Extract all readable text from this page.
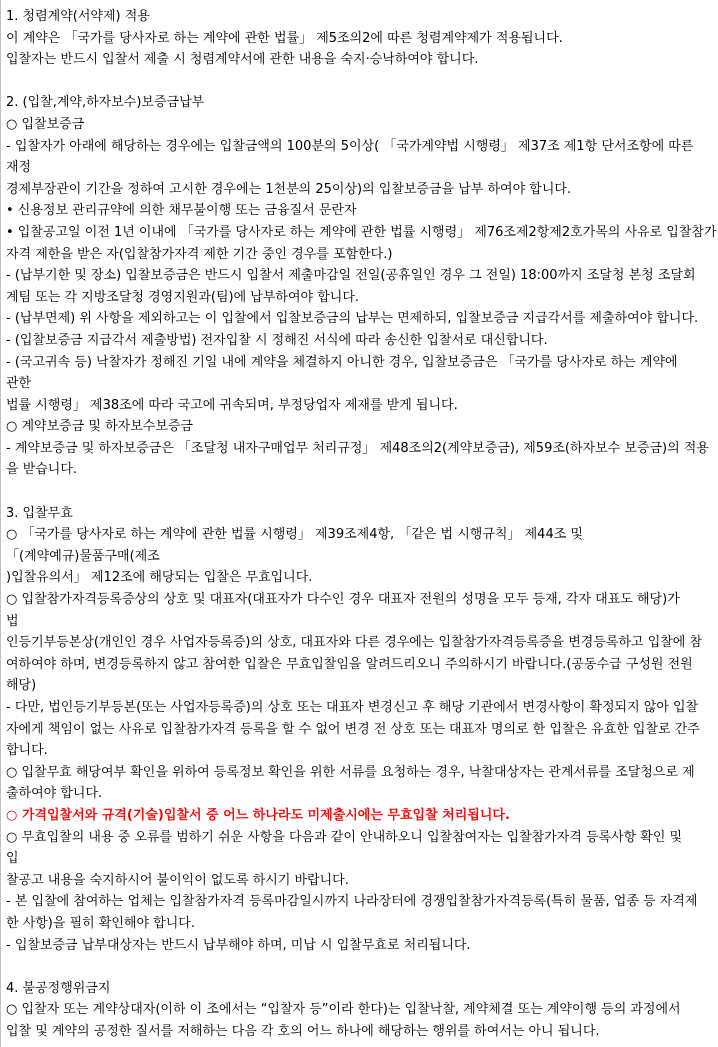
1. 청렴계약(서약제) 적용
이 계약은 「국가를 당사자로 하는 계약에 관한 법률」 제5조의2에 따른 청렴계약제가 적용됩니다.
입찰자는 반드시 입찰서 제출 시 청렴계약서에 관한 내용을 숙지·승낙하여야 합니다.
2. (입찰,계약,하자보수)보증금납부
○ 입찰보증금
- 입찰자가 아래에 해당하는 경우에는 입찰금액의 100분의 5이상( 「국가계약법 시행령」 제37조 제1항 단서조항에 따른
재정
경제부장관이 기간을 정하여 고시한 경우에는 1천분의 25이상)의 입찰보증금을 납부 하여야 합니다.
• 신용정보 관리규약에 의한 채무불이행 또는 금융질서 문란자
• 입찰공고일 이전 1년 이내에 「국가를 당사자로 하는 계약에 관한 법률 시행령」 제76조제2항제2호가목의 사유로 입찰참가
자격 제한을 받은 자(입찰참가자격 제한 기간 중인 경우를 포함한다.)
- (납부기한 및 장소) 입찰보증금은 반드시 입찰서 제출마감일 전일(공휴일인 경우 그 전일) 18:00까지 조달청 본청 조달회
계팀 또는 각 지방조달청 경영지원과(팀)에 납부하여야 합니다.
- (납부면제) 위 사항을 제외하고는 이 입찰에서 입찰보증금의 납부는 면제하되, 입찰보증금 지급각서를 제출하여야 합니다.
- (입찰보증금 지급각서 제출방법) 전자입찰 시 정해진 서식에 따라 송신한 입찰서로 대신합니다.
- (국고귀속 등) 낙찰자가 정해진 기일 내에 계약을 체결하지 아니한 경우, 입찰보증금은 「국가를 당사자로 하는 계약에
관한
법률 시행령」 제38조에 따라 국고에 귀속되며, 부정당업자 제재를 받게 됩니다.
○ 계약보증금 및 하자보수보증금
- 계약보증금 및 하자보증금은 「조달청 내자구매업무 처리규정」 제48조의2(계약보증금), 제59조(하자보수 보증금)의 적용
을 받습니다.
3. 입찰무효
○ 「국가를 당사자로 하는 계약에 관한 법률 시행령」 제39조제4항, 「같은 법 시행규칙」 제44조 및
「(계약예규)물품구매(제조
)입찰유의서」 제12조에 해당되는 입찰은 무효입니다.
○ 입찰참가자격등록증상의 상호 및 대표자(대표자가 다수인 경우 대표자 전원의 성명을 모두 등재, 각자 대표도 해당)가
법
인등기부등본상(개인인 경우 사업자등록증)의 상호, 대표자와 다른 경우에는 입찰참가자격등록증을 변경등록하고 입찰에 참
여하여야 하며, 변경등록하지 않고 참여한 입찰은 무효입찰임을 알려드리오니 주의하시기 바랍니다.(공동수급 구성원 전원
해당)
- 다만, 법인등기부등본(또는 사업자등록증)의 상호 또는 대표자 변경신고 후 해당 기관에서 변경사항이 확정되지 않아 입찰
자에게 책임이 없는 사유로 입찰참가자격 등록을 할 수 없어 변경 전 상호 또는 대표자 명의로 한 입찰은 유효한 입찰로 간주
합니다.
○ 입찰무효 해당여부 확인을 위하여 등록정보 확인을 위한 서류를 요청하는 경우, 낙찰대상자는 관계서류를 조달청으로 제
출하여야 합니다.
○ 가격입찰서와 규격(기술)입찰서 중 어느 하나라도 미제출시에는 무효입찰 처리됩니다.
○ 무효입찰의 내용 중 오류를 범하기 쉬운 사항을 다음과 같이 안내하오니 입찰참여자는 입찰참가자격 등록사항 확인 및
입
찰공고 내용을 숙지하시어 불이익이 없도록 하시기 바랍니다.
- 본 입찰에 참여하는 업체는 입찰참가자격 등록마감일시까지 나라장터에 경쟁입찰참가자격등록(특히 물품, 업종 등 자격제
한 사항)을 필히 확인해야 합니다.
- 입찰보증금 납부대상자는 반드시 납부해야 하며, 미납 시 입찰무효로 처리됩니다.
4. 불공정행위금지
○ 입찰자 또는 계약상대자(이하 이 조에서는 “입찰자 등”이라 한다)는 입찰낙찰, 계약체결 또는 계약이행 등의 과정에서
입찰 및 계약의 공정한 질서를 저해하는 다음 각 호의 어느 하나에 해당하는 행위를 하여서는 아니 됩니다.
